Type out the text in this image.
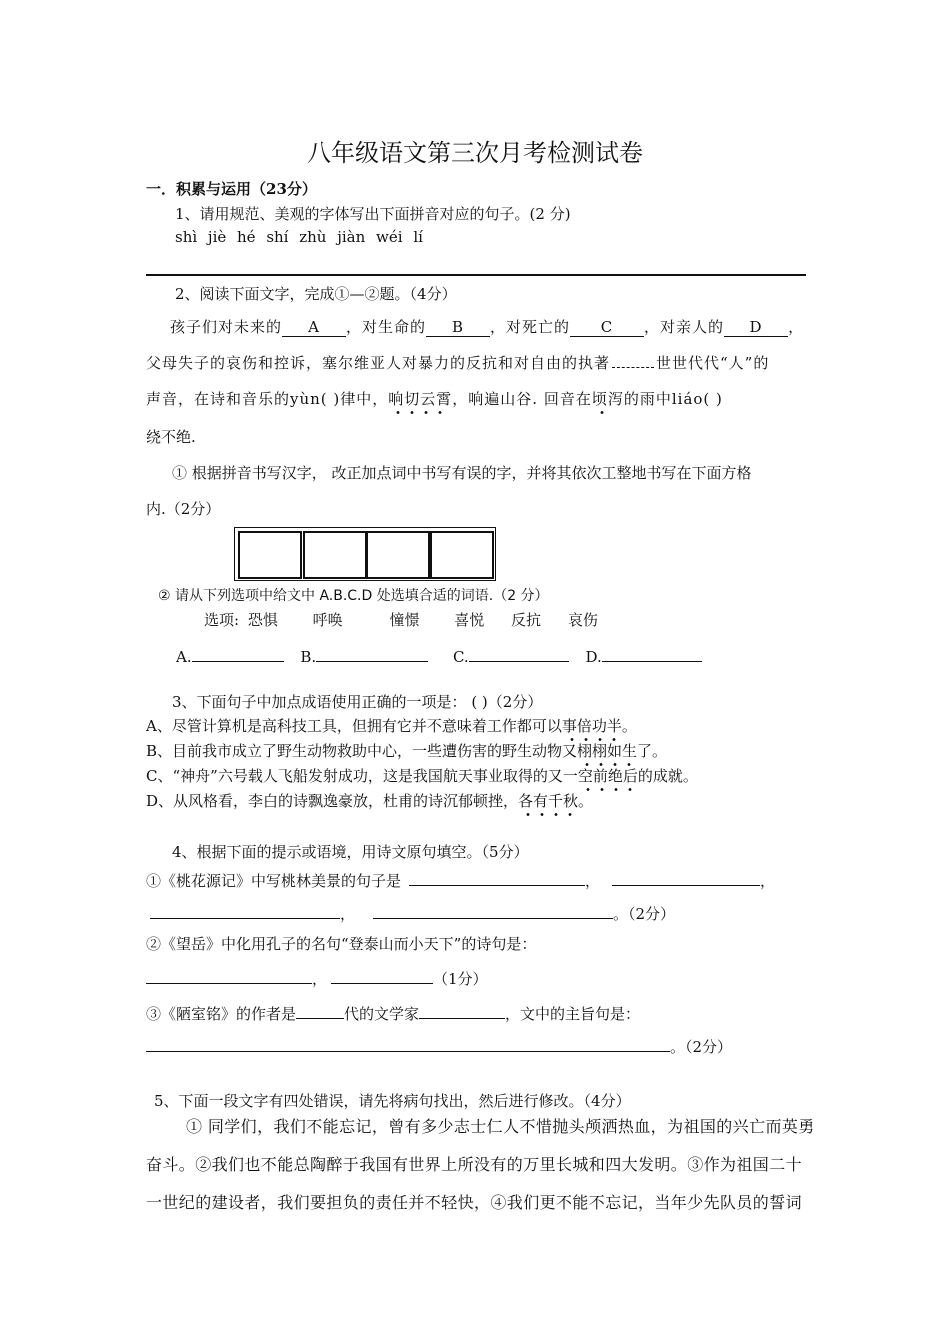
八年级语文第三次月考检测试卷
一．积累与运用（23分）
1、请用规范、美观的字体写出下面拼音对应的句子。(2 分)
shì jiè hé shí zhù jiàn wéi lí
2、阅读下面文字，完成①—②题。（4分）
孩子们对未来的 A ，对生命的 B ，对死亡的 C ，对亲人的 D ，
父母失子的哀伤和控诉，塞尔维亚人对暴力的反抗和对自由的执著	世世代代“人”的
声音，在诗和音乐的yùn( )律中，响切云霄，响遍山谷. 回音在顷泻的雨中liáo( )
绕不绝.
① 根据拼音书写汉字， 改正加点词中书写有误的字，并将其依次工整地书写在下面方格
内.（2分）
② 请从下列选项中给文中 A.B.C.D 处选填合适的词语.（2 分）
选项: 恐惧 呼唤	憧憬 喜悦 反抗 哀伤
A.	B.	C.	D.
3、下面句子中加点成语使用正确的一项是： ( )（2分）
A、尽管计算机是高科技工具，但拥有它并不意味着工作都可以事倍功半。
B、目前我市成立了野生动物救助中心，一些遭伤害的野生动物又栩栩如生了。
C、“神舟”六号载人飞船发射成功，这是我国航天事业取得的又一空前绝后的成就。
D、从风格看，李白的诗飘逸豪放，杜甫的诗沉郁顿挫，各有千秋。
4、根据下面的提示或语境，用诗文原句填空。（5分）
①《桃花源记》中写桃林美景的句子是	，	，
，	。（2分）
②《望岳》中化用孔子的名句“登泰山而小天下”的诗句是：
，	（1分）
③《陋室铭》的作者是	代的文学家	，文中的主旨句是：
。（2分）
5、下面一段文字有四处错误，请先将病句找出，然后进行修改。（4分）
① 同学们，我们不能忘记，曾有多少志士仁人不惜抛头颅洒热血，为祖国的兴亡而英勇
奋斗。②我们也不能总陶醉于我国有世界上所没有的万里长城和四大发明。③作为祖国二十
一世纪的建设者，我们要担负的责任并不轻快，④我们更不能不忘记，当年少先队员的誓词
